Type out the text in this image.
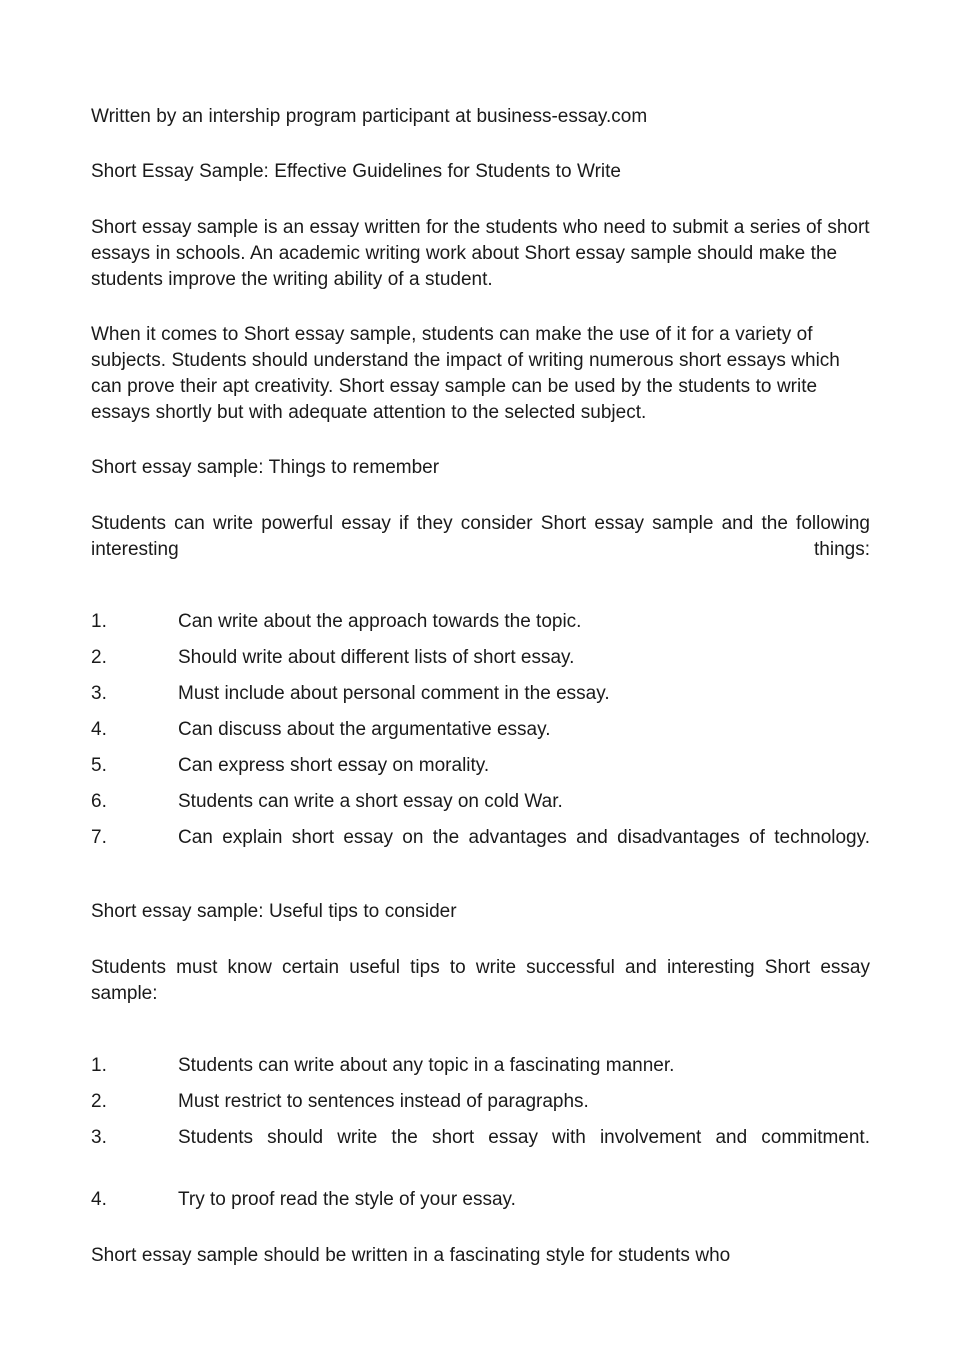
Written by an intership program participant at business-essay.com

Short Essay Sample: Effective Guidelines for Students to Write

Short essay sample is an essay written for the students who need to submit a series of short essays in schools. An academic writing work about Short essay sample should make the students improve the writing ability of a student.

When it comes to Short essay sample, students can make the use of it for a variety of subjects. Students should understand the impact of writing numerous short essays which can prove their apt creativity. Short essay sample can be used by the students to write essays shortly but with adequate attention to the selected subject.

Short essay sample: Things to remember

Students can write powerful essay if they consider Short essay sample and the following interesting things:

1.	Can write about the approach towards the topic.
2.	Should write about different lists of short essay.
3.	Must include about personal comment in the essay.
4.	Can discuss about the argumentative essay.
5.	Can express short essay on morality.
6.	Students can write a short essay on cold War.
7.	Can explain short essay on the advantages and disadvantages of technology.

Short essay sample: Useful tips to consider

Students must know certain useful tips to write successful and interesting Short essay sample:

1.	Students can write about any topic in a fascinating manner.
2.	Must restrict to sentences instead of paragraphs.
3.	Students should write the short essay with involvement and commitment.
4.	Try to proof read the style of your essay.

Short essay sample should be written in a fascinating style for students who
